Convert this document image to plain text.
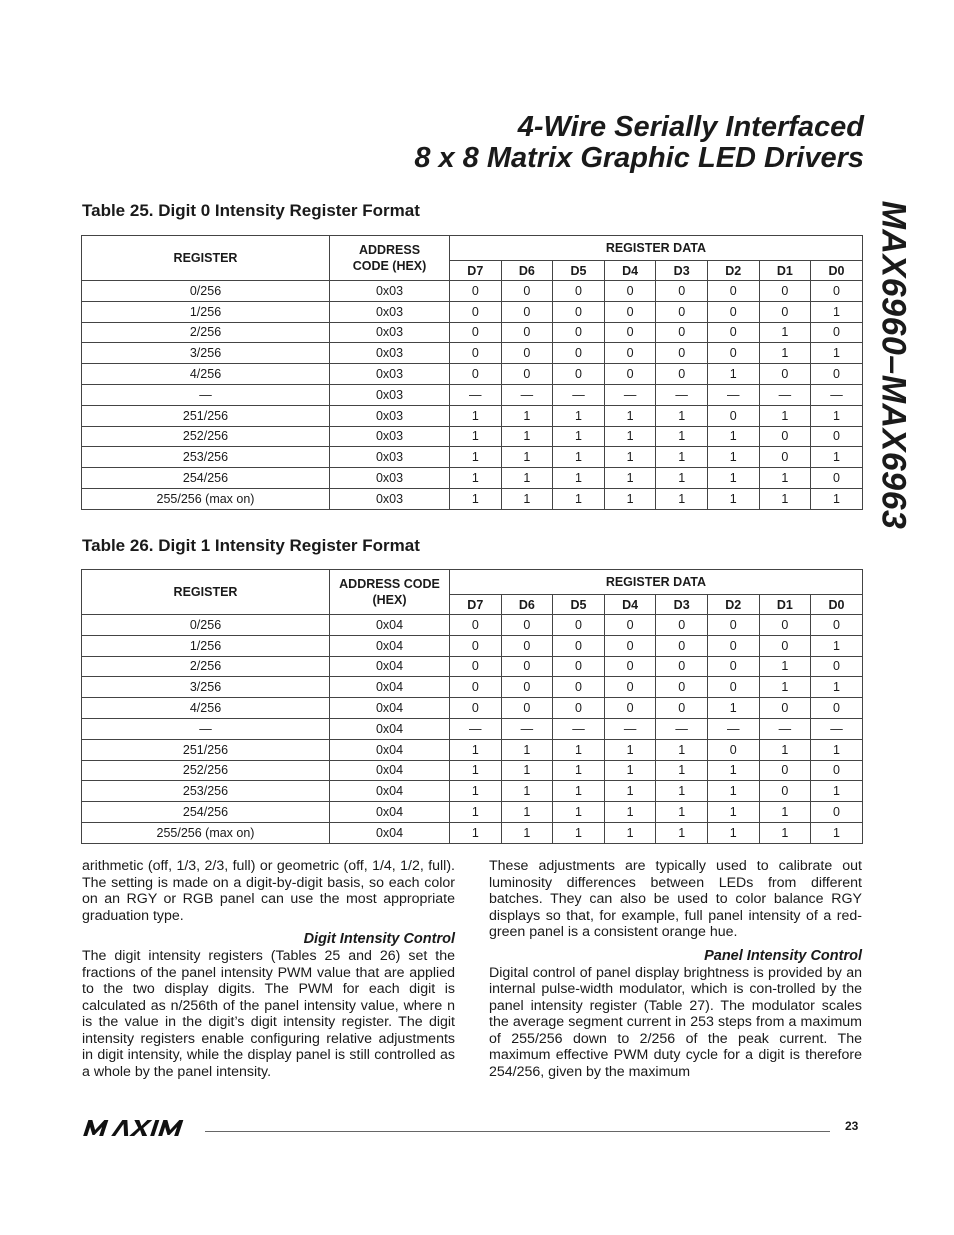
4-Wire Serially Interfaced
8 x 8 Matrix Graphic LED Drivers
MAX6960–MAX6963
Table 25. Digit 0 Intensity Register Format
REGISTER	ADDRESS CODE (HEX)	REGISTER DATA							
		D7	D6	D5	D4	D3	D2	D1	D0
0/256	0x03	0	0	0	0	0	0	0	0
1/256	0x03	0	0	0	0	0	0	0	1
2/256	0x03	0	0	0	0	0	0	1	0
3/256	0x03	0	0	0	0	0	0	1	1
4/256	0x03	0	0	0	0	0	1	0	0
—	0x03	—	—	—	—	—	—	—	—
251/256	0x03	1	1	1	1	1	0	1	1
252/256	0x03	1	1	1	1	1	1	0	0
253/256	0x03	1	1	1	1	1	1	0	1
254/256	0x03	1	1	1	1	1	1	1	0
255/256 (max on)	0x03	1	1	1	1	1	1	1	1
Table 26. Digit 1 Intensity Register Format
REGISTER	ADDRESS CODE (HEX)	REGISTER DATA							
		D7	D6	D5	D4	D3	D2	D1	D0
0/256	0x04	0	0	0	0	0	0	0	0
1/256	0x04	0	0	0	0	0	0	0	1
2/256	0x04	0	0	0	0	0	0	1	0
3/256	0x04	0	0	0	0	0	0	1	1
4/256	0x04	0	0	0	0	0	1	0	0
—	0x04	—	—	—	—	—	—	—	—
251/256	0x04	1	1	1	1	1	0	1	1
252/256	0x04	1	1	1	1	1	1	0	0
253/256	0x04	1	1	1	1	1	1	0	1
254/256	0x04	1	1	1	1	1	1	1	0
255/256 (max on)	0x04	1	1	1	1	1	1	1	1

arithmetic (off, 1/3, 2/3, full) or geometric (off, 1/4, 1/2, full). The setting is made on a digit-by-digit basis, so each color on an RGY or RGB panel can use the most appropriate graduation type.

Digit Intensity Control

The digit intensity registers (Tables 25 and 26) set the fractions of the panel intensity PWM value that are applied to the two display digits. The PWM for each digit is calculated as n/256th of the panel intensity value, where n is the value in the digit’s digit intensity register. The digit intensity registers enable configuring relative adjustments in digit intensity, while the display panel is still controlled as a whole by the panel intensity.

These adjustments are typically used to calibrate out luminosity differences between LEDs from different batches. They can also be used to color balance RGY displays so that, for example, full panel intensity of a red-green panel is a consistent orange hue.

Panel Intensity Control

Digital control of panel display brightness is provided by an internal pulse-width modulator, which is con-trolled by the panel intensity register (Table 27). The modulator scales the average segment current in 253 steps from a maximum of 255/256 down to 2/256 of the peak current. The maximum effective PWM duty cycle for a digit is therefore 254/256, given by the maximum

23
